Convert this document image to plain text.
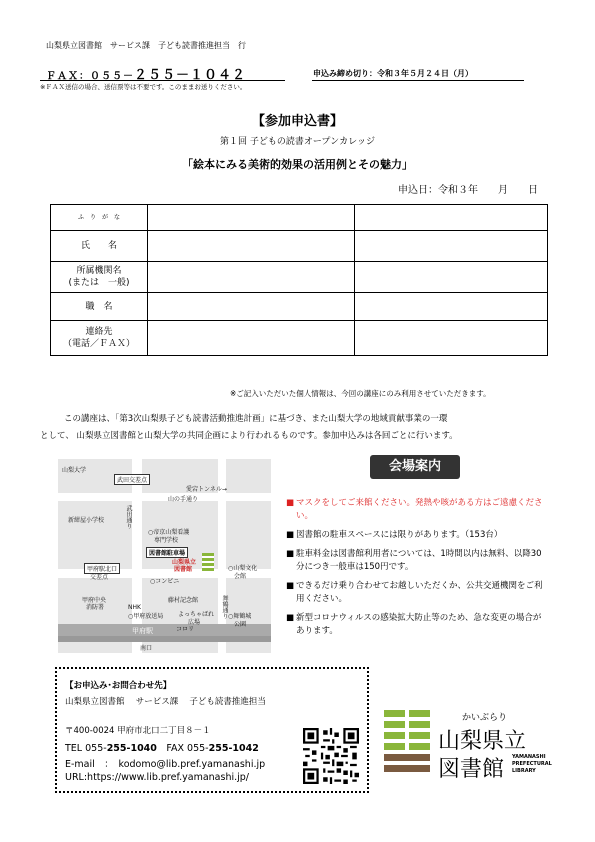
山梨県立図書館　サービス課　子ども読書推進担当　行
ＦＡＸ：０５５－２５５－１０４２	申込み締め切り：令和３年５月２４日（月）
※ＦＡＸ送信の場合、送信票等は不要です。このままお送りください。
【参加申込書】
第１回 子どもの読書オープンカレッジ
「絵本にみる美術的効果の活用例とその魅力」
申込日：令和３年　　月　　日
ふ　り　が　な		
氏　　名		
所属機関名
(または　一般)		
職　名		
連絡先
（電話／ＦＡＸ）		
※ご記入いただいた個人情報は、今回の講座にのみ利用させていただきます。
この講座は、「第3次山梨県子ども読書活動推進計画」に基づき、また山梨大学の地域貢献事業の一環
として、 山梨県立図書館と山梨大学の共同企画により行われるものです。参加申込みは各回ごとに行います。
山梨大学
武田交差点
愛宕トンネル→
山の手通り
新紺屋小学校	武田通り
○帝京山梨看護
専門学校
図書館駐車場
山梨県立
図書館
甲府駅北口
交差点
○コンビニ
○山梨文化
会館
甲府中央
消防署
藤村記念館
NHK
○甲府放送局 よっちゃばれ
広場
コロリ
甲府駅
南口
○舞鶴城
公園
舞鶴通り
会場案内
■ マスクをしてご来館ください。発熱や咳がある方はご遠慮ください。
■ 図書館の駐車スペースには限りがあります。（153台）
■ 駐車料金は図書館利用者については、1時間以内は無料、以降30分につき一般車は150円です。
■ できるだけ乗り合わせてお越しいただくか、公共交通機関をご利用ください。
■ 新型コロナウィルスの感染拡大防止等のため、急な変更の場合があります。
【お申込み･お問合わせ先】
山梨県立図書館　 サービス課　 子ども読書推進担当
〒400-0024 甲府市北口二丁目８－１
TEL 055-255-1040　 FAX 055-255-1042
E-mail　：　kodomo@lib.pref.yamanashi.jp
URL:https://www.lib.pref.yamanashi.jp/
かいぶらり
山梨県立
図書館 YAMANASHI
PREFECTURAL
LIBRARY
